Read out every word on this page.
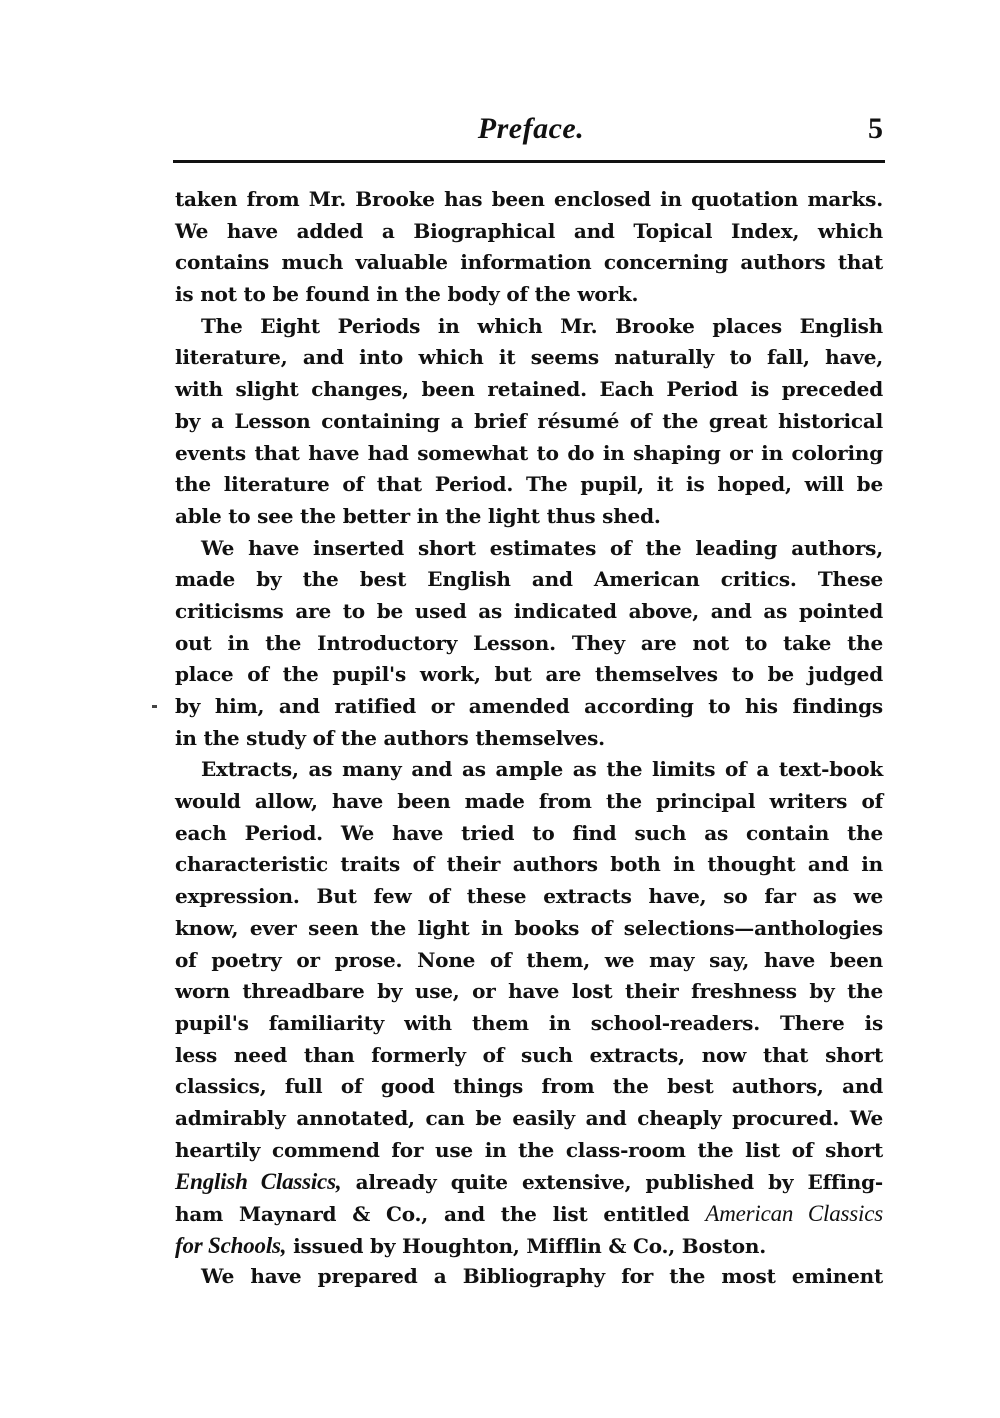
Preface.	5
taken from Mr. Brooke has been enclosed in quotation marks.
We have added a Biographical and Topical Index, which
contains much valuable information concerning authors that
is not to be found in the body of the work.
The Eight Periods in which Mr. Brooke places English
literature, and into which it seems naturally to fall, have,
with slight changes, been retained. Each Period is preceded
by a Lesson containing a brief résumé of the great historical
events that have had somewhat to do in shaping or in coloring
the literature of that Period. The pupil, it is hoped, will be
able to see the better in the light thus shed.
We have inserted short estimates of the leading authors,
made by the best English and American critics. These
criticisms are to be used as indicated above, and as pointed
out in the Introductory Lesson. They are not to take the
place of the pupil's work, but are themselves to be judged
by him, and ratified or amended according to his findings
in the study of the authors themselves.
Extracts, as many and as ample as the limits of a text-book
would allow, have been made from the principal writers of
each Period. We have tried to find such as contain the
characteristic traits of their authors both in thought and in
expression. But few of these extracts have, so far as we
know, ever seen the light in books of selections—anthologies
of poetry or prose. None of them, we may say, have been
worn threadbare by use, or have lost their freshness by the
pupil's familiarity with them in school-readers. There is
less need than formerly of such extracts, now that short
classics, full of good things from the best authors, and
admirably annotated, can be easily and cheaply procured. We
heartily commend for use in the class-room the list of short
English Classics, already quite extensive, published by Effing-
ham Maynard & Co., and the list entitled American Classics
for Schools, issued by Houghton, Mifflin & Co., Boston.
We have prepared a Bibliography for the most eminent
